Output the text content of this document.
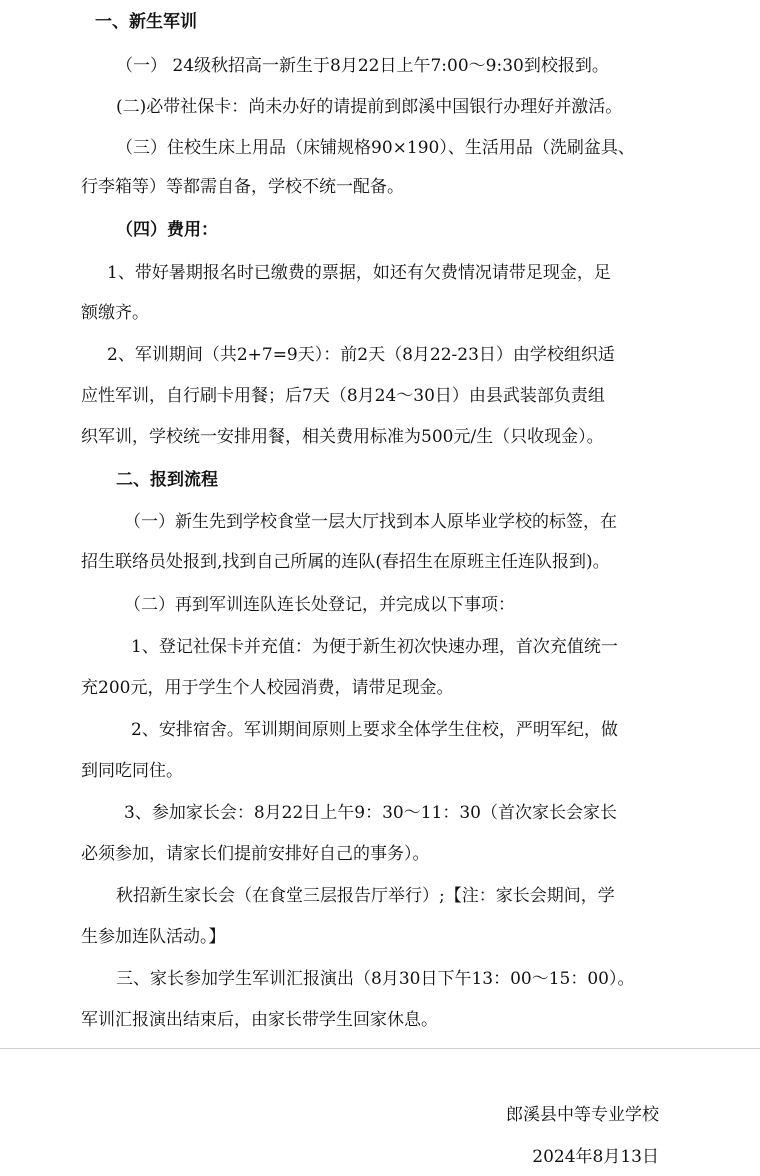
一、新生军训
（一） 24级秋招高一新生于8月22日上午7:00～9:30到校报到。
(二)必带社保卡：尚未办好的请提前到郎溪中国银行办理好并激活。
（三）住校生床上用品（床铺规格90×190）、生活用品（洗刷盆具、
行李箱等）等都需自备，学校不统一配备。
（四）费用：
1、带好暑期报名时已缴费的票据，如还有欠费情况请带足现金，足
额缴齐。
2、军训期间（共2+7=9天）：前2天（8月22-23日）由学校组织适
应性军训，自行刷卡用餐；后7天（8月24～30日）由县武装部负责组
织军训，学校统一安排用餐，相关费用标准为500元/生（只收现金）。
二、报到流程
（一）新生先到学校食堂一层大厅找到本人原毕业学校的标签，在
招生联络员处报到,找到自己所属的连队(春招生在原班主任连队报到)。
（二）再到军训连队连长处登记，并完成以下事项：
1、登记社保卡并充值：为便于新生初次快速办理，首次充值统一
充200元，用于学生个人校园消费，请带足现金。
2、安排宿舍。军训期间原则上要求全体学生住校，严明军纪，做
到同吃同住。
3、参加家长会：8月22日上午9：30～11：30（首次家长会家长
必须参加，请家长们提前安排好自己的事务）。
秋招新生家长会（在食堂三层报告厅举行）;【注：家长会期间，学
生参加连队活动。】
三、家长参加学生军训汇报演出（8月30日下午13：00～15：00）。
军训汇报演出结束后，由家长带学生回家休息。
郎溪县中等专业学校
2024年8月13日
